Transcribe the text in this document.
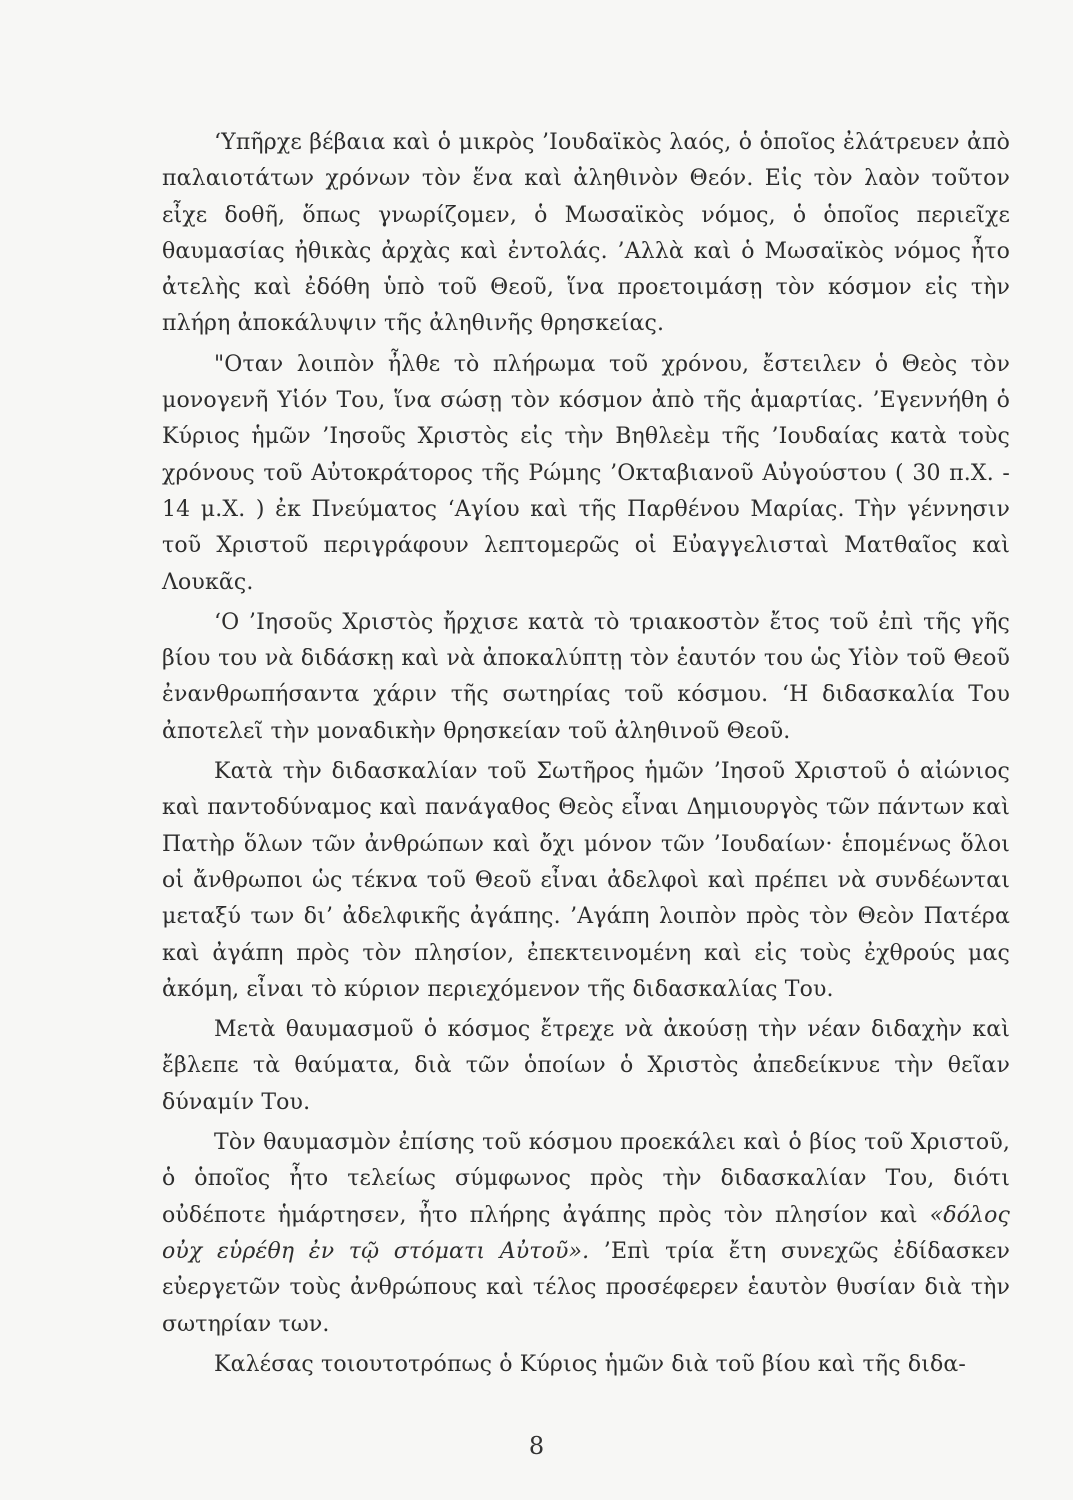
‘Υπῆρχε βέβαια καὶ ὁ μικρὸς ’Ιουδαϊκὸς λαός, ὁ ὁποῖος ἐλάτρευεν ἀπὸ παλαιοτάτων χρόνων τὸν ἕνα καὶ ἀληθινὸν Θεόν. Εἰς τὸν λαὸν τοῦτον εἶχε δοθῆ, ὅπως γνωρίζομεν, ὁ Μωσαϊκὸς νόμος, ὁ ὁποῖος περιεῖχε θαυμασίας ἠθικὰς ἀρχὰς καὶ ἐντολάς. ’Αλλὰ καὶ ὁ Μωσαϊκὸς νόμος ἦτο ἀτελὴς καὶ ἐδόθη ὑπὸ τοῦ Θεοῦ, ἵνα προετοιμάσῃ τὸν κόσμον εἰς τὴν πλήρη ἀποκάλυψιν τῆς ἀληθινῆς θρησκείας.

"Οταν λοιπὸν ἦλθε τὸ πλήρωμα τοῦ χρόνου, ἔστειλεν ὁ Θεὸς τὸν μονογενῆ Υἱόν Του, ἵνα σώσῃ τὸν κόσμον ἀπὸ τῆς ἁμαρτίας. ’Εγεννήθη ὁ Κύριος ἡμῶν ’Ιησοῦς Χριστὸς εἰς τὴν Βηθλεὲμ τῆς ’Ιουδαίας κατὰ τοὺς χρόνους τοῦ Αὐτοκράτορος τῆς Ρώμης ’Οκταβιανοῦ Αὐγούστου ( 30 π.Χ. - 14 μ.Χ. ) ἐκ Πνεύματος ‘Αγίου καὶ τῆς Παρθένου Μαρίας. Τὴν γέννησιν τοῦ Χριστοῦ περιγράφουν λεπτομερῶς οἱ Εὐαγγελισταὶ Ματθαῖος καὶ Λουκᾶς.

‘Ο ’Ιησοῦς Χριστὸς ἤρχισε κατὰ τὸ τριακοστὸν ἔτος τοῦ ἐπὶ τῆς γῆς βίου του νὰ διδάσκῃ καὶ νὰ ἀποκαλύπτῃ τὸν ἑαυτόν του ὡς Υἱὸν τοῦ Θεοῦ ἐνανθρωπήσαντα χάριν τῆς σωτηρίας τοῦ κόσμου. ‘Η διδασκαλία Του ἀποτελεῖ τὴν μοναδικὴν θρησκείαν τοῦ ἀληθινοῦ Θεοῦ.

Κατὰ τὴν διδασκαλίαν τοῦ Σωτῆρος ἡμῶν ’Ιησοῦ Χριστοῦ ὁ αἰώνιος καὶ παντοδύναμος καὶ πανάγαθος Θεὸς εἶναι Δημιουργὸς τῶν πάντων καὶ Πατὴρ ὅλων τῶν ἀνθρώπων καὶ ὄχι μόνον τῶν ’Ιουδαίων· ἑπομένως ὅλοι οἱ ἄνθρωποι ὡς τέκνα τοῦ Θεοῦ εἶναι ἀδελφοὶ καὶ πρέπει νὰ συνδέωνται μεταξύ των δι’ ἀδελφικῆς ἀγάπης. ’Αγάπη λοιπὸν πρὸς τὸν Θεὸν Πατέρα καὶ ἀγάπη πρὸς τὸν πλησίον, ἐπεκτεινομένη καὶ εἰς τοὺς ἐχθρούς μας ἀκόμη, εἶναι τὸ κύριον περιεχόμενον τῆς διδασκαλίας Του.

Μετὰ θαυμασμοῦ ὁ κόσμος ἔτρεχε νὰ ἀκούσῃ τὴν νέαν διδαχὴν καὶ ἔβλεπε τὰ θαύματα, διὰ τῶν ὁποίων ὁ Χριστὸς ἀπεδείκνυε τὴν θεῖαν δύναμίν Του.

Τὸν θαυμασμὸν ἐπίσης τοῦ κόσμου προεκάλει καὶ ὁ βίος τοῦ Χριστοῦ, ὁ ὁποῖος ἦτο τελείως σύμφωνος πρὸς τὴν διδασκαλίαν Του, διότι οὐδέποτε ἡμάρτησεν, ἦτο πλήρης ἀγάπης πρὸς τὸν πλησίον καὶ «δόλος οὐχ εὑρέθη ἐν τῷ στόματι Αὐτοῦ». ’Επὶ τρία ἔτη συνεχῶς ἐδίδασκεν εὐεργετῶν τοὺς ἀνθρώπους καὶ τέλος προσέφερεν ἑαυτὸν θυσίαν διὰ τὴν σωτηρίαν των.

Καλέσας τοιουτοτρόπως ὁ Κύριος ἡμῶν διὰ τοῦ βίου καὶ τῆς διδα-

8
